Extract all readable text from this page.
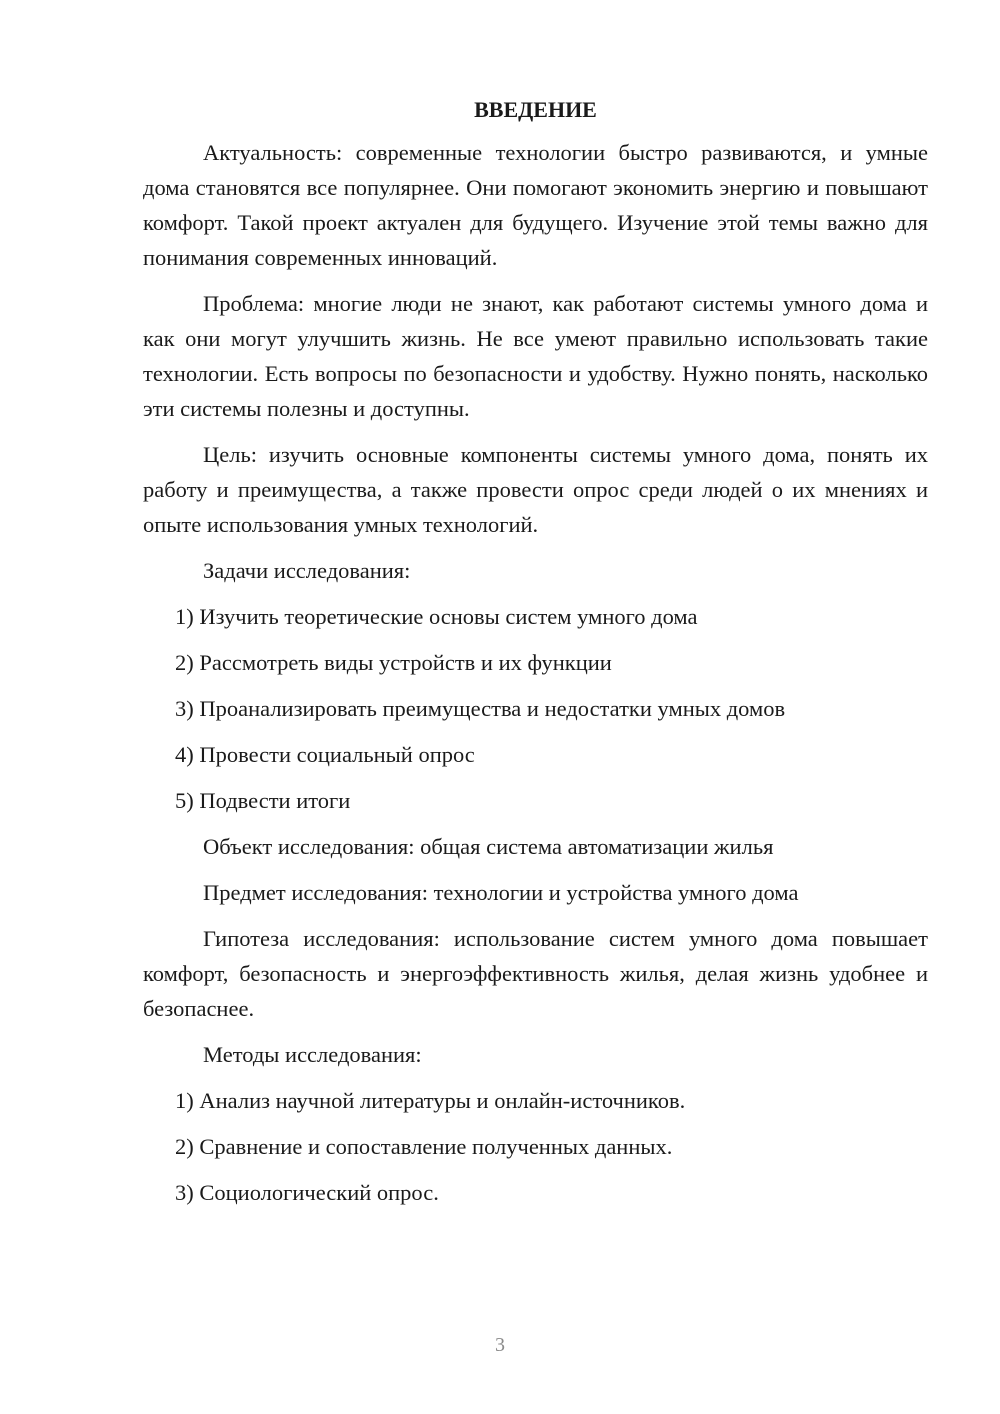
ВВЕДЕНИЕ
Актуальность: современные технологии быстро развиваются, и умные дома становятся все популярнее. Они помогают экономить энергию и повышают комфорт. Такой проект актуален для будущего. Изучение этой темы важно для понимания современных инноваций.
Проблема: многие люди не знают, как работают системы умного дома и как они могут улучшить жизнь. Не все умеют правильно использовать такие технологии. Есть вопросы по безопасности и удобству. Нужно понять, насколько эти системы полезны и доступны.
Цель: изучить основные компоненты системы умного дома, понять их работу и преимущества, а также провести опрос среди людей о их мнениях и опыте использования умных технологий.
Задачи исследования:
1) Изучить теоретические основы систем умного дома
2) Рассмотреть виды устройств и их функции
3) Проанализировать преимущества и недостатки умных домов
4) Провести социальный опрос
5) Подвести итоги
Объект исследования: общая система автоматизации жилья
Предмет исследования: технологии и устройства умного дома
Гипотеза исследования: использование систем умного дома повышает комфорт, безопасность и энергоэффективность жилья, делая жизнь удобнее и безопаснее.
Методы исследования:
1) Анализ научной литературы и онлайн-источников.
2) Сравнение и сопоставление полученных данных.
3) Социологический опрос.
3
